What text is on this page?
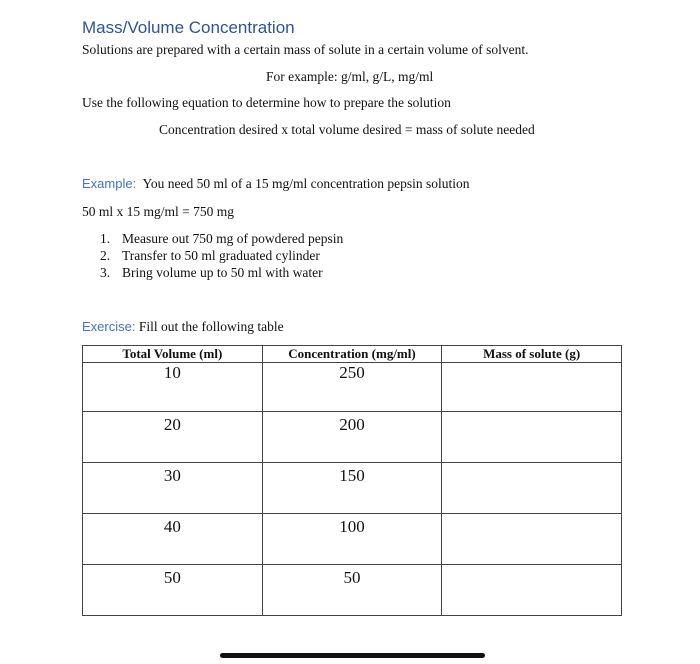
Mass/Volume Concentration
Solutions are prepared with a certain mass of solute in a certain volume of solvent.
For example: g/ml, g/L, mg/ml
Use the following equation to determine how to prepare the solution
Concentration desired x total volume desired = mass of solute needed
Example: You need 50 ml of a 15 mg/ml concentration pepsin solution
50 ml x 15 mg/ml = 750 mg
1. Measure out 750 mg of powdered pepsin
2. Transfer to 50 ml graduated cylinder
3. Bring volume up to 50 ml with water
Exercise: Fill out the following table
Total Volume (ml)	Concentration (mg/ml)	Mass of solute (g)

10	250	

20	200	

30	150	

40	100	

50	50	
